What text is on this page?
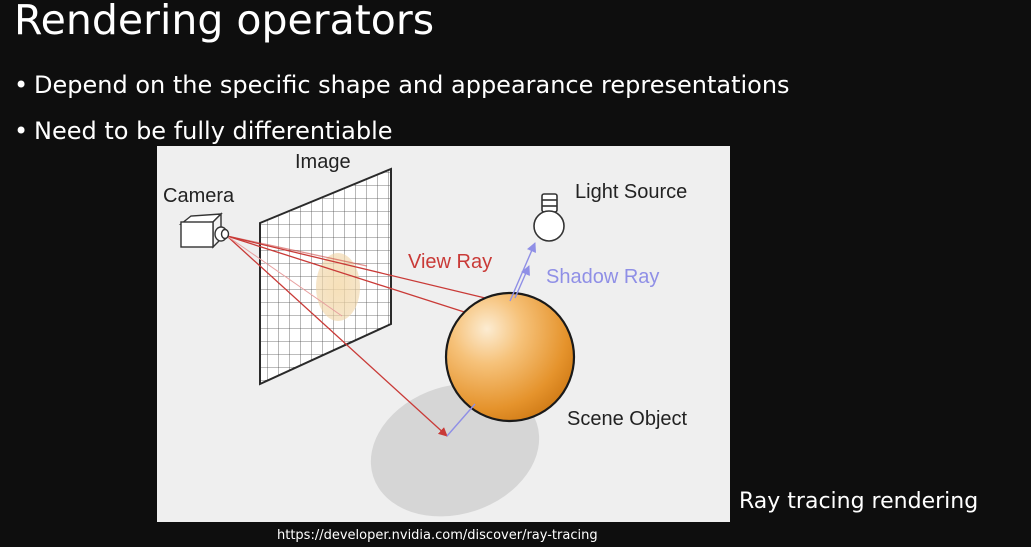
Rendering operators
• Depend on the specific shape and appearance representations
• Need to be fully differentiable
Image
Camera	Light Source
View Ray
Shadow Ray
Scene Object
Ray tracing rendering
https://developer.nvidia.com/discover/ray-tracing
